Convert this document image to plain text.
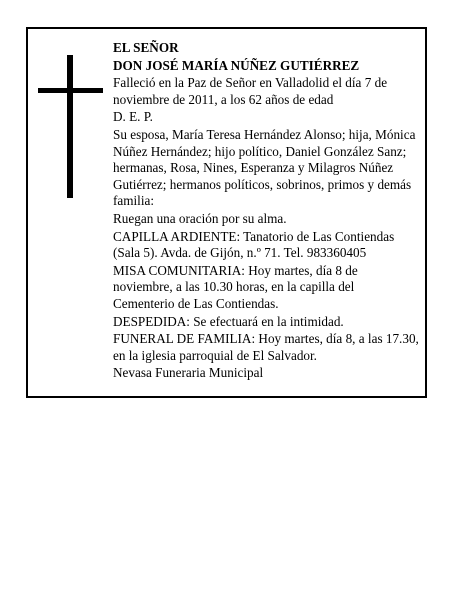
EL SEÑOR

DON JOSÉ MARÍA NÚÑEZ GUTIÉRREZ

Falleció en la Paz de Señor en Valladolid el día 7 de noviembre de 2011, a los 62 años de edad

D. E. P.

Su esposa, María Teresa Hernández Alonso; hija, Mónica Núñez Hernández; hijo político, Daniel González Sanz; hermanas, Rosa, Nines, Esperanza y Milagros Núñez Gutiérrez; hermanos políticos, sobrinos, primos y demás familia:

Ruegan una oración por su alma.

CAPILLA ARDIENTE: Tanatorio de Las Contiendas (Sala 5). Avda. de Gijón, n.º 71. Tel. 983360405

MISA COMUNITARIA: Hoy martes, día 8 de noviembre, a las 10.30 horas, en la capilla del Cementerio de Las Contiendas.

DESPEDIDA: Se efectuará en la intimidad.

FUNERAL DE FAMILIA: Hoy martes, día 8, a las 17.30, en la iglesia parroquial de El Salvador.

Nevasa Funeraria Municipal
